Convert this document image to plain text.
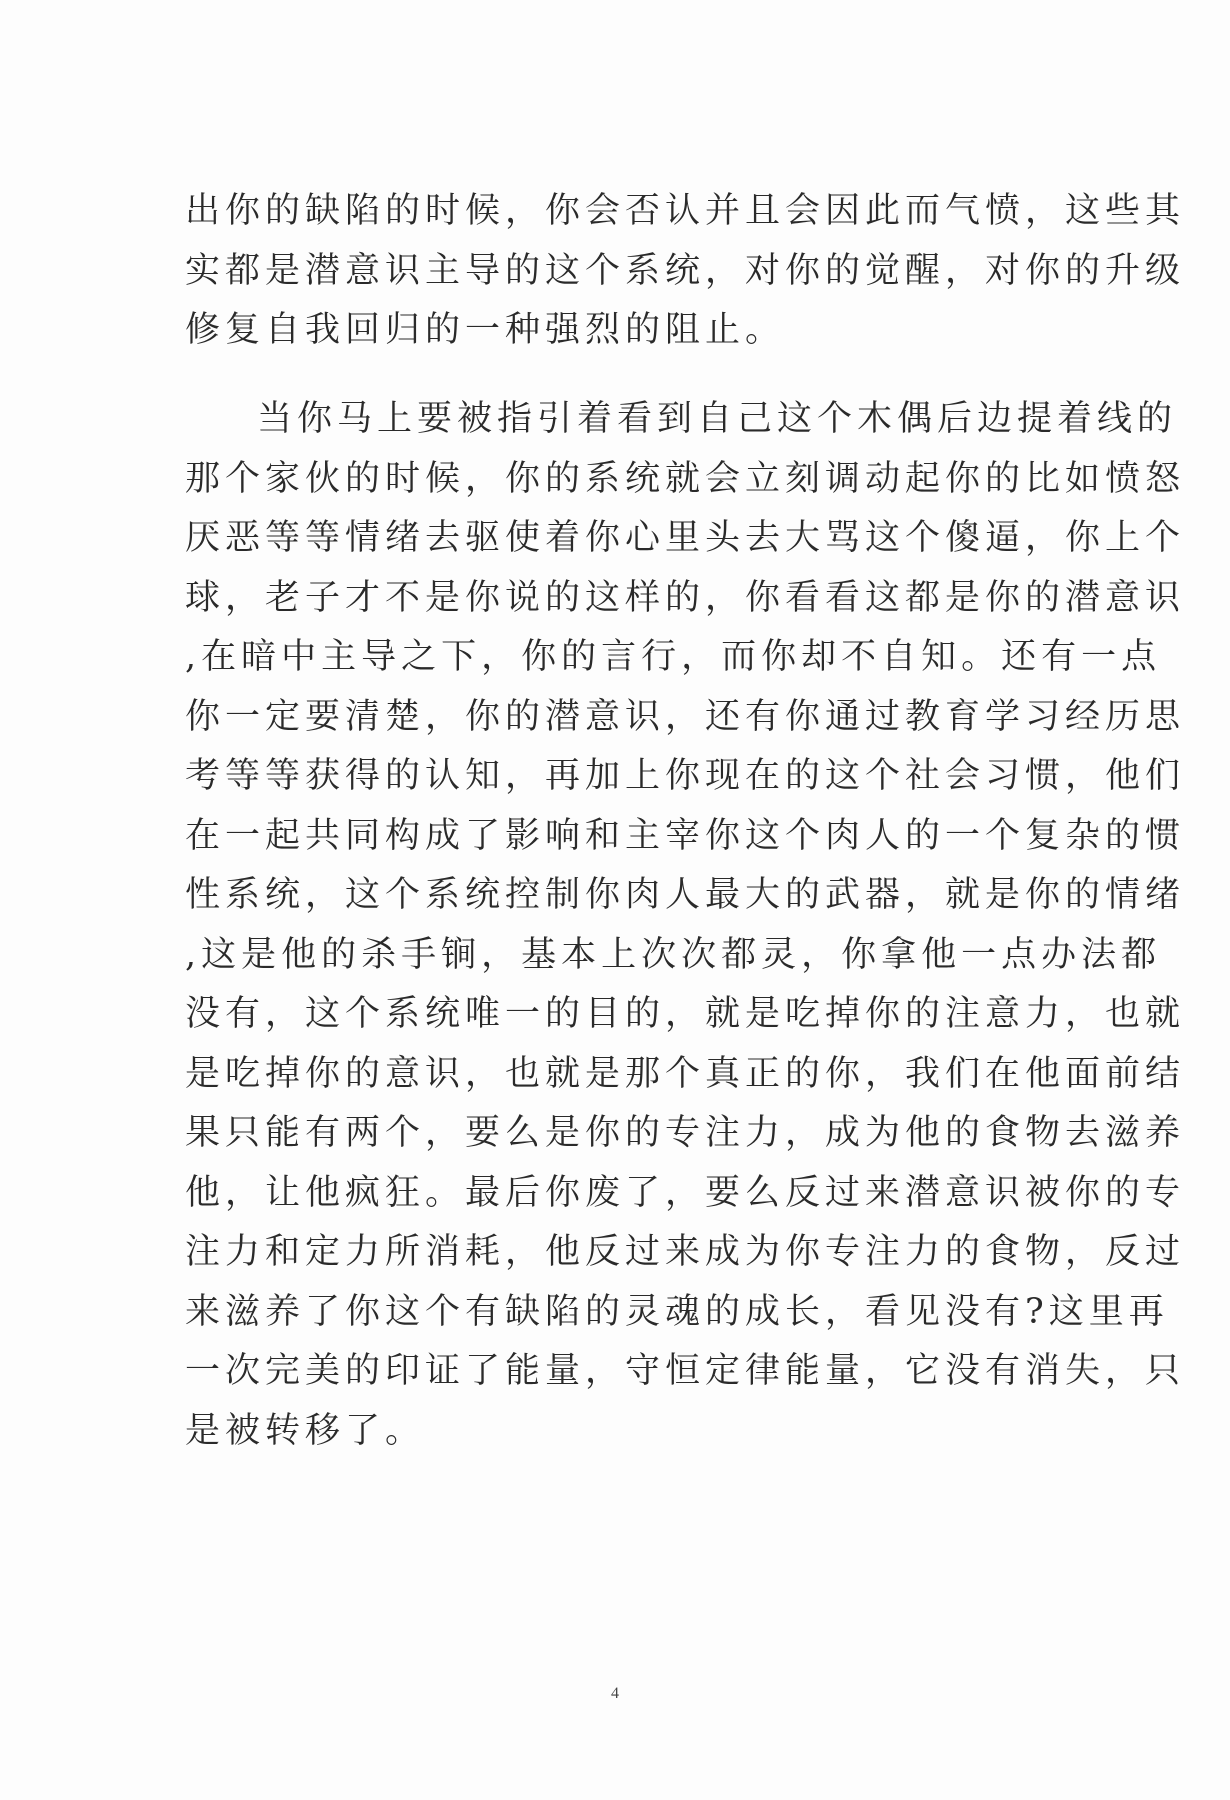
出你的缺陷的时候，你会否认并且会因此而气愤，这些其
实都是潜意识主导的这个系统，对你的觉醒，对你的升级
修复自我回归的一种强烈的阻止。
当你马上要被指引着看到自己这个木偶后边提着线的
那个家伙的时候，你的系统就会立刻调动起你的比如愤怒
厌恶等等情绪去驱使着你心里头去大骂这个傻逼，你上个
球，老子才不是你说的这样的，你看看这都是你的潜意识
,在暗中主导之下，你的言行，而你却不自知。还有一点
你一定要清楚，你的潜意识，还有你通过教育学习经历思
考等等获得的认知，再加上你现在的这个社会习惯，他们
在一起共同构成了影响和主宰你这个肉人的一个复杂的惯
性系统，这个系统控制你肉人最大的武器，就是你的情绪
,这是他的杀手锏，基本上次次都灵，你拿他一点办法都
没有，这个系统唯一的目的，就是吃掉你的注意力，也就
是吃掉你的意识，也就是那个真正的你，我们在他面前结
果只能有两个，要么是你的专注力，成为他的食物去滋养
他，让他疯狂。最后你废了，要么反过来潜意识被你的专
注力和定力所消耗，他反过来成为你专注力的食物，反过
来滋养了你这个有缺陷的灵魂的成长，看见没有?这里再
一次完美的印证了能量，守恒定律能量，它没有消失，只
是被转移了。
4
